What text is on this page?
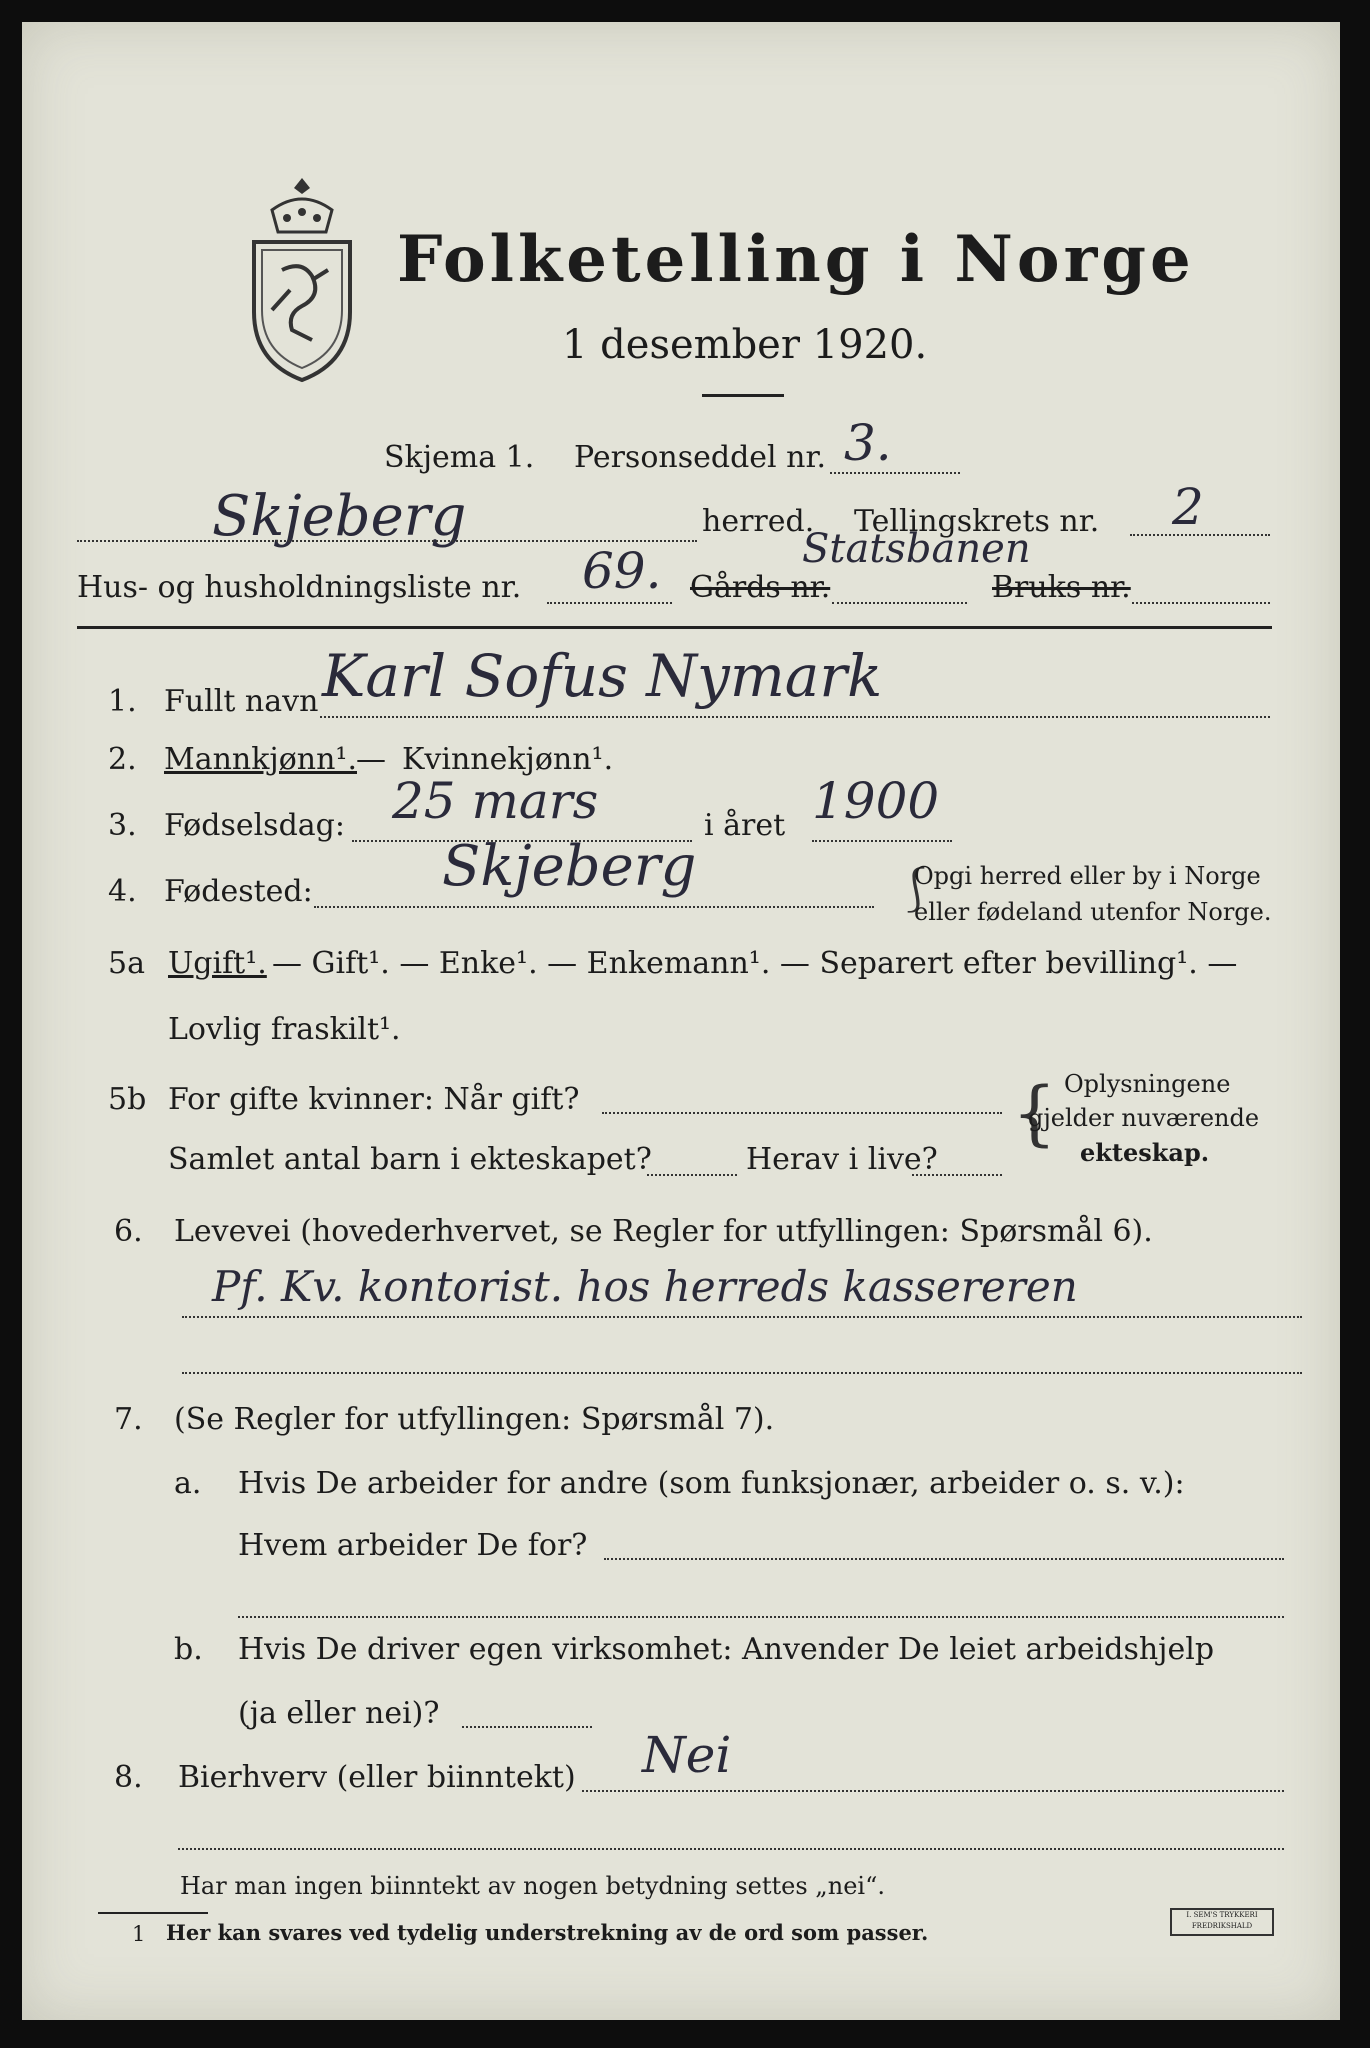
Folketelling i Norge
1 desember 1920.
Skjema 1. Personseddel nr. 3.
Skjeberg	herred. Tellingskrets nr. 2
Hus- og husholdningsliste nr. 69. Gårds nr.
Statsbanen
Bruks nr.
1. Fullt navn Karl Sofus Nymark
2. Mannkjønn¹. — Kvinnekjønn¹.
3. Fødselsdag: 25 mars	i året 1900
4. Fødested: Skjeberg	⎰
Opgi herred eller by i Norge
eller fødeland utenfor Norge.
5a Ugift¹. — Gift¹. — Enke¹. — Enkemann¹. — Separert efter bevilling¹. —
Lovlig fraskilt¹.
5b For gifte kvinner: Når gift?
Samlet antal barn i ekteskapet?	Herav i live?
{ Oplysningene
gjelder nuværende
ekteskap.
6. Levevei (hovederhvervet, se Regler for utfyllingen: Spørsmål 6).
Pf. Kv. kontorist. hos herreds kassereren
7. (Se Regler for utfyllingen: Spørsmål 7).
a. Hvis De arbeider for andre (som funksjonær, arbeider o. s. v.):
Hvem arbeider De for?
b. Hvis De driver egen virksomhet: Anvender De leiet arbeidshjelp
(ja eller nei)?
8. Bierhverv (eller biinntekt) Nei
Har man ingen biinntekt av nogen betydning settes „nei“.
1 Her kan svares ved tydelig understrekning av de ord som passer.
I. SEM'S TRYKKERI FREDRIKSHALD
